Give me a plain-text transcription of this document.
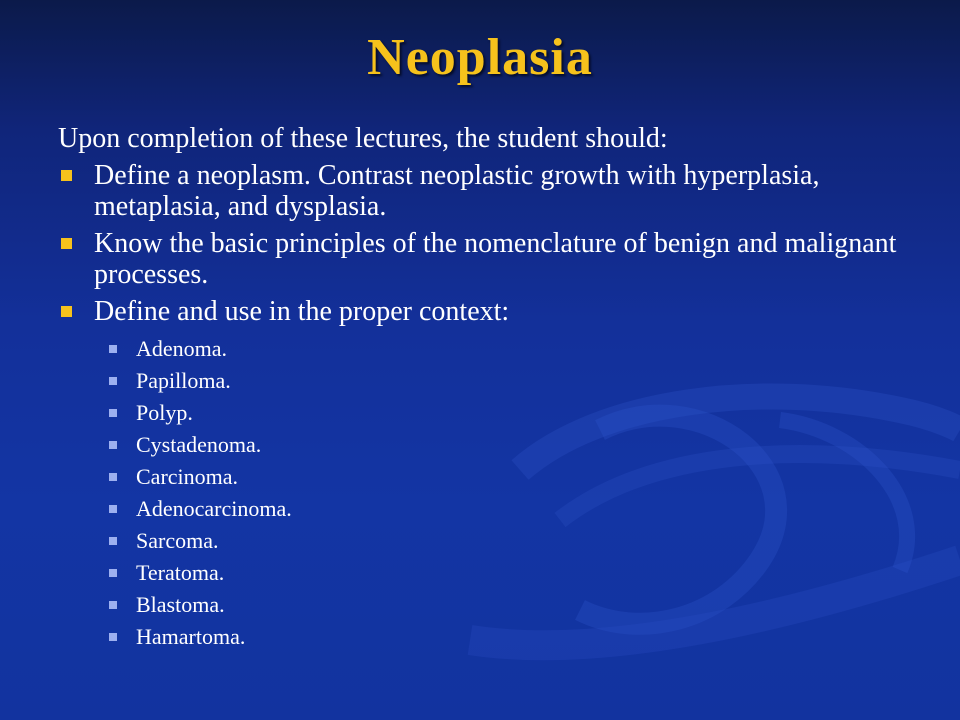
Neoplasia
Upon completion of these lectures, the student should:
Define a neoplasm. Contrast neoplastic growth with hyperplasia, metaplasia, and dysplasia.
Know the basic principles of the nomenclature of benign and malignant processes.
Define and use in the proper context:
Adenoma.
Papilloma.
Polyp.
Cystadenoma.
Carcinoma.
Adenocarcinoma.
Sarcoma.
Teratoma.
Blastoma.
Hamartoma.
